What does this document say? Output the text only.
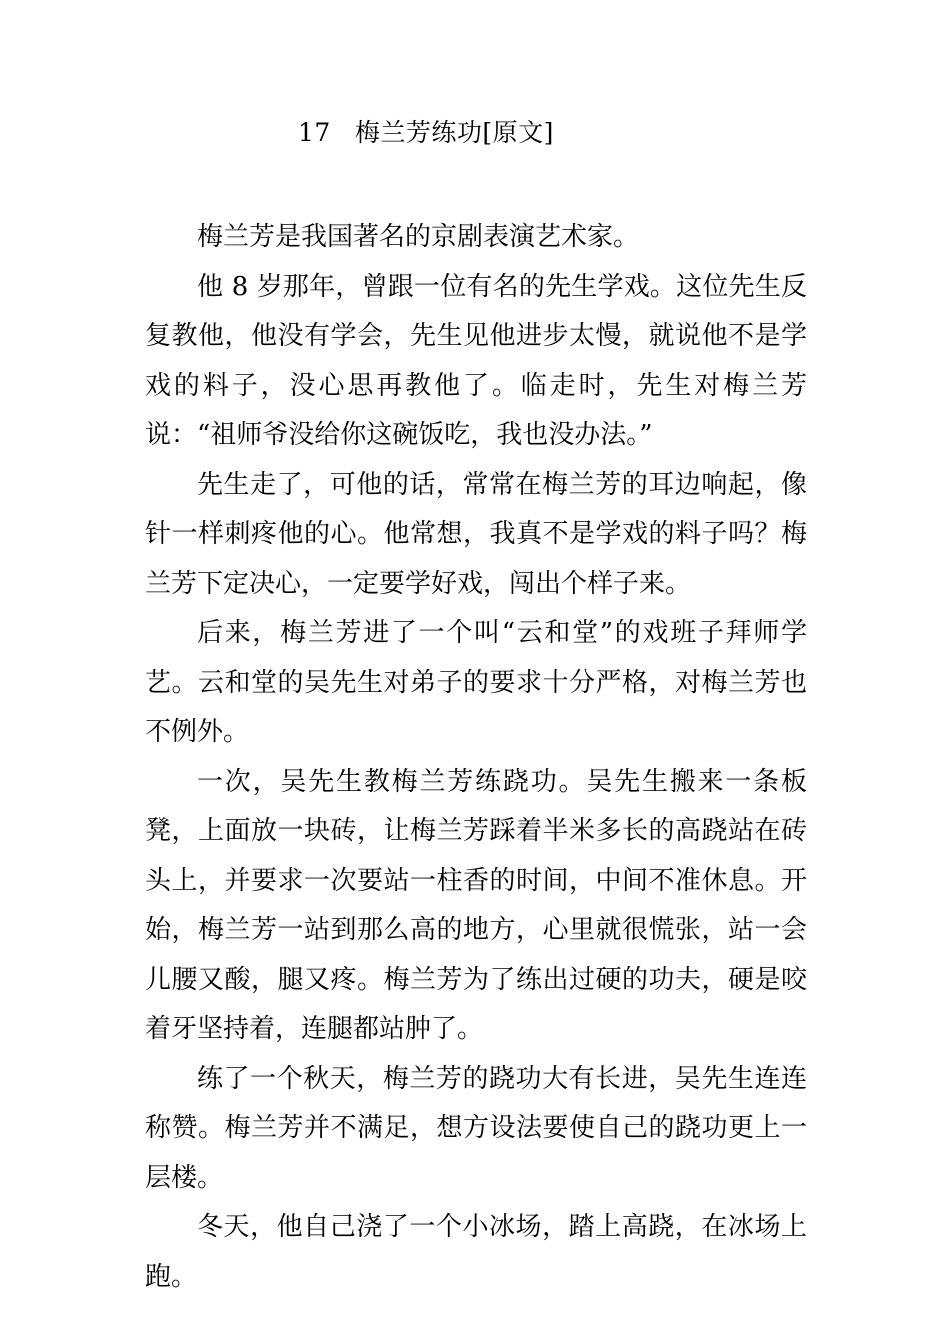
17 梅兰芳练功[原文]

梅兰芳是我国著名的京剧表演艺术家。

他 8 岁那年，曾跟一位有名的先生学戏。这位先生反复教他，他没有学会，先生见他进步太慢，就说他不是学戏的料子，没心思再教他了。临走时，先生对梅兰芳说：“祖师爷没给你这碗饭吃，我也没办法。”

先生走了，可他的话，常常在梅兰芳的耳边响起，像针一样刺疼他的心。他常想，我真不是学戏的料子吗？梅兰芳下定决心，一定要学好戏，闯出个样子来。

后来，梅兰芳进了一个叫“云和堂”的戏班子拜师学艺。云和堂的吴先生对弟子的要求十分严格，对梅兰芳也不例外。

一次，吴先生教梅兰芳练跷功。吴先生搬来一条板凳，上面放一块砖，让梅兰芳踩着半米多长的高跷站在砖头上，并要求一次要站一柱香的时间，中间不准休息。开始，梅兰芳一站到那么高的地方，心里就很慌张，站一会儿腰又酸，腿又疼。梅兰芳为了练出过硬的功夫，硬是咬着牙坚持着，连腿都站肿了。

练了一个秋天，梅兰芳的跷功大有长进，吴先生连连称赞。梅兰芳并不满足，想方设法要使自己的跷功更上一层楼。

冬天，他自己浇了一个小冰场，踏上高跷，在冰场上跑。
